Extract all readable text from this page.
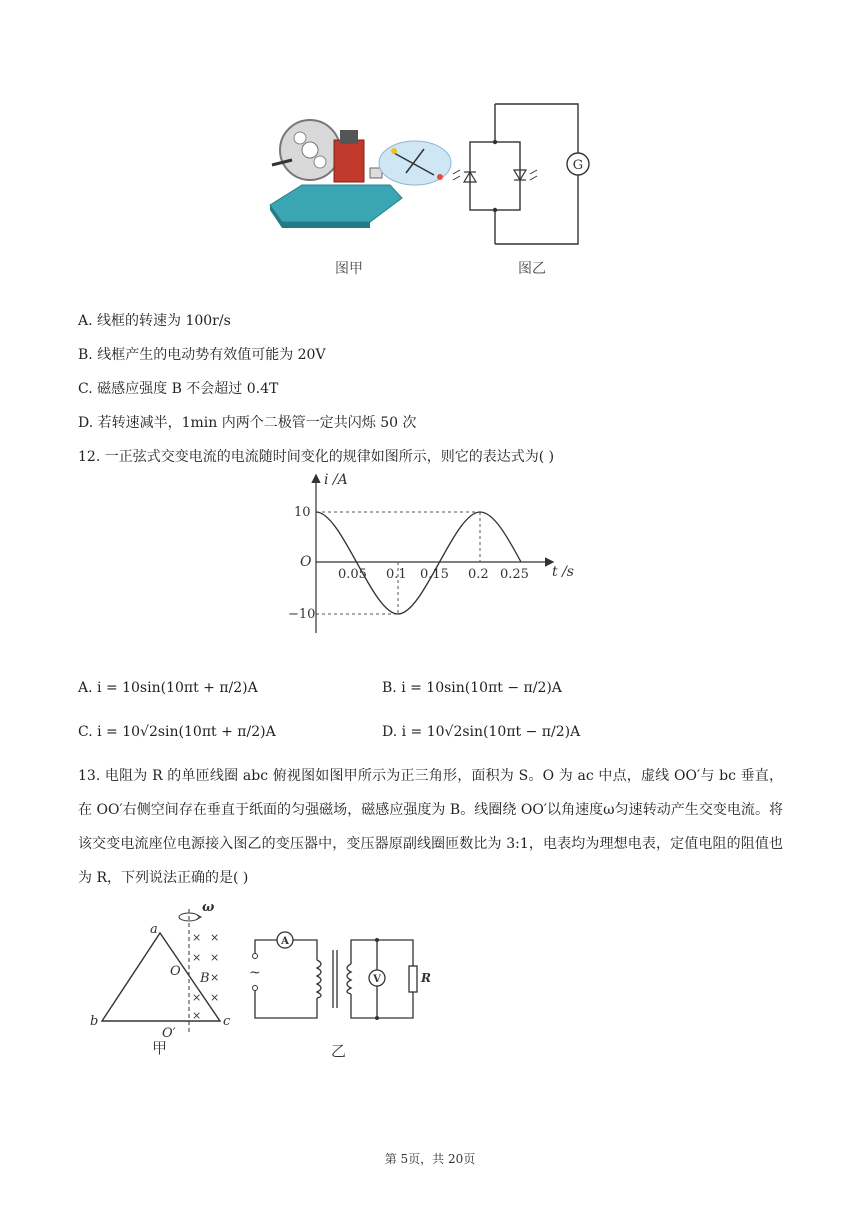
G
图甲	图乙
A. 线框的转速为 100r/s
B. 线框产生的电动势有效值可能为 20V
C. 磁感应强度 B 不会超过 0.4T
D. 若转速减半，1min 内两个二极管一定共闪烁 50 次
12. 一正弦式交变电流的电流随时间变化的规律如图所示，则它的表达式为( )
i /A
t /s
O
10
−10
0.05 0.1 0.15 0.2 0.25
A. i = 10sin(10πt + π/2)A	B. i = 10sin(10πt − π/2)A
C. i = 10√2sin(10πt + π/2)A	D. i = 10√2sin(10πt − π/2)A
13. 电阻为 R 的单匝线圈 abc 俯视图如图甲所示为正三角形，面积为 S。O 为 ac 中点，虚线 OO′与 bc 垂直，在 OO′右侧空间存在垂直于纸面的匀强磁场，磁感应强度为 B。线圈绕 OO′以角速度ω匀速转动产生交变电流。将该交变电流座位电源接入图乙的变压器中，变压器原副线圈匝数比为 3:1，电表均为理想电表，定值电阻的阻值也为 R，下列说法正确的是( )
× ×
× ×
×
× ×
×
ω
a
b	c
O B
O′
甲
~
A
V	R
乙
第 5页，共 20页
